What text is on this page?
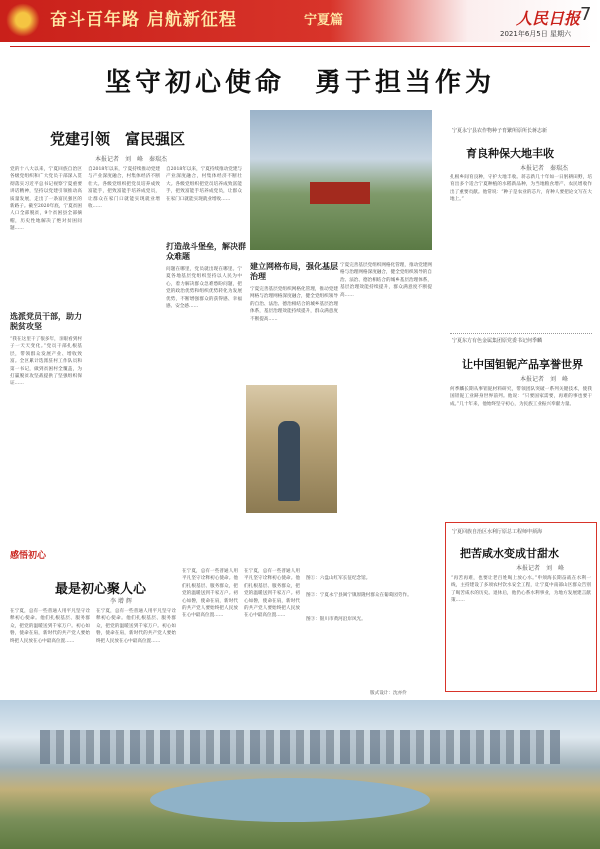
奋斗百年路 启航新征程	宁夏篇	人民日报 7
2021年6月5日 星期六
坚守初心使命　勇于担当作为
党建引领　富民强区
本报记者　刘　峰　秦瑞杰
党的十八大以来，宁夏回族自治区各级党组织和广大党员干部深入贯彻落实习近平总书记视察宁夏重要讲话精神，坚持以党建引领推动高质量发展，走出了一条富民强区的新路子。截至2020年底，宁夏贫困人口全部脱贫，9个贫困县全部摘帽，历史性地解决了绝对贫困问题……
选派党员干部，助力脱贫攻坚
“我在这里干了很多年，亲眼看到村子一天天变化。”党员干部扎根基层，带领群众发展产业、增收致富。全区累计选派驻村工作队员和第一书记，做到贫困村全覆盖，为打赢脱贫攻坚战提供了坚强组织保证……
自2018年以来，宁夏持续推动党建与产业深度融合，村集体经济不断壮大。各级党组织把党员培养成致富能手，把致富能手培养成党员，让群众在家门口就能实现就业增收……
自2018年以来，宁夏持续推动党建与产业深度融合，村集体经济不断壮大。各级党组织把党员培养成致富能手，把致富能手培养成党员，让群众在家门口就能实现就业增收……
打造战斗堡垒，解决群众难题
问题在哪里，党员就出现在哪里。宁夏各地基层党组织坚持以人民为中心，着力解决群众急难愁盼问题，把党的政治优势和组织优势转化为发展优势，不断增强群众的获得感、幸福感、安全感……
建立网格布局，强化基层治理
宁夏完善基层党组织网格化管理，推动党建网格与治理网格深度融合，健全党组织领导的自治、法治、德治相结合的城乡基层治理体系，基层治理效能持续提升，群众满意度不断提高……
宁夏完善基层党组织网格化管理，推动党建网格与治理网格深度融合，健全党组织领导的自治、法治、德治相结合的城乡基层治理体系，基层治理效能持续提升，群众满意度不断提高……
感悟初心
最是初心聚人心
李 增 辉
在宁夏，总有一些普通人用平凡坚守诠释初心使命。他们扎根基层、服务群众，把党的温暖送到千家万户。初心如磐，使命在肩，新时代的共产党人要始终把人民放在心中最高位置……
在宁夏，总有一些普通人用平凡坚守诠释初心使命。他们扎根基层、服务群众，把党的温暖送到千家万户。初心如磐，使命在肩，新时代的共产党人要始终把人民放在心中最高位置……
在宁夏，总有一些普通人用平凡坚守诠释初心使命。他们扎根基层、服务群众，把党的温暖送到千家万户。初心如磐，使命在肩，新时代的共产党人要始终把人民放在心中最高位置……
在宁夏，总有一些普通人用平凡坚守诠释初心使命。他们扎根基层、服务群众，把党的温暖送到千家万户。初心如磐，使命在肩，新时代的共产党人要始终把人民放在心中最高位置……
图①：六盘山红军长征纪念馆。
图②：宁夏永宁县闽宁镇原隆村群众在葡萄园劳作。
图③：银川市黄河沿岸风光。
版式设计：沈亦伶
宁夏永宁县农作物种子育繁所原所长蒋志新
育良种保大地丰收
本报记者　秦瑞杰
扎根乡间育良种，守护大地丰收。蒋志新几十年如一日躬耕田野，培育出多个适合宁夏种植的水稻新品种，为当地粮食增产、农民增收作出了重要贡献。他常说：“种子是农业的芯片，育种人要把论文写在大地上。”
宁夏东方有色金属集团原党委书记何季麟
让中国钽铌产品享誉世界
本报记者　刘　峰
何季麟长期从事钽铌材料研究，带领团队突破一系列关键技术，使我国钽铌工业跻身世界前列。他说：“只要国家需要，再难的事也要干成。”几十年来，他始终坚守初心，为民族工业振兴奉献力量。
宁夏回族自治区水利厅原总工程师申须海
把苦咸水变成甘甜水
本报记者　刘　峰
“再苦再难，也要让老百姓喝上放心水。”申须海长期奋战在水利一线，主持建设了多项农村饮水安全工程，让宁夏中南部山区群众告别了喝苦咸水的历史。退休后，他仍心系水利事业，为地方发展建言献策……
